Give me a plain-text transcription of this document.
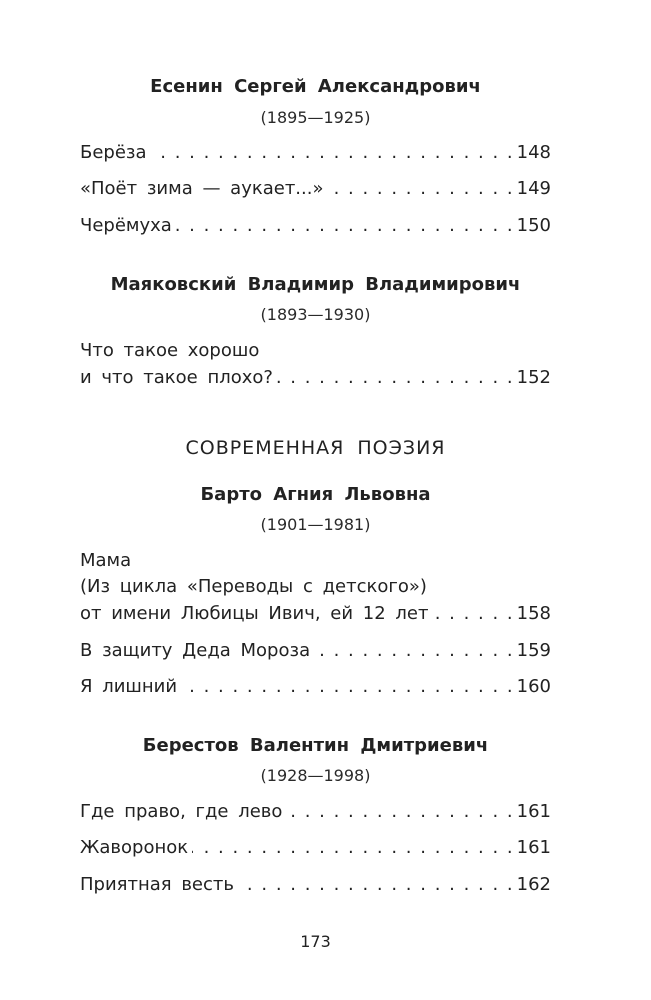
Есенин Сергей Александрович
(1895—1925)
Берёза . . .	148
«Поёт зима — аукает...» . . .	149
Черёмуха . . .	150
Маяковский Владимир Владимирович
(1893—1930)
Что такое хорошо
и что такое плохо? . . .	152
СОВРЕМЕННАЯ ПОЭЗИЯ
Барто Агния Львовна
(1901—1981)
Мама
(Из цикла «Переводы с детского»)
от имени Любицы Ивич, ей 12 лет . . .	158
В защиту Деда Мороза . . .	159
Я лишний . . .	160
Берестов Валентин Дмитриевич
(1928—1998)
Где право, где лево . . .	161
Жаворонок . . .	161
Приятная весть . . .	162
173
